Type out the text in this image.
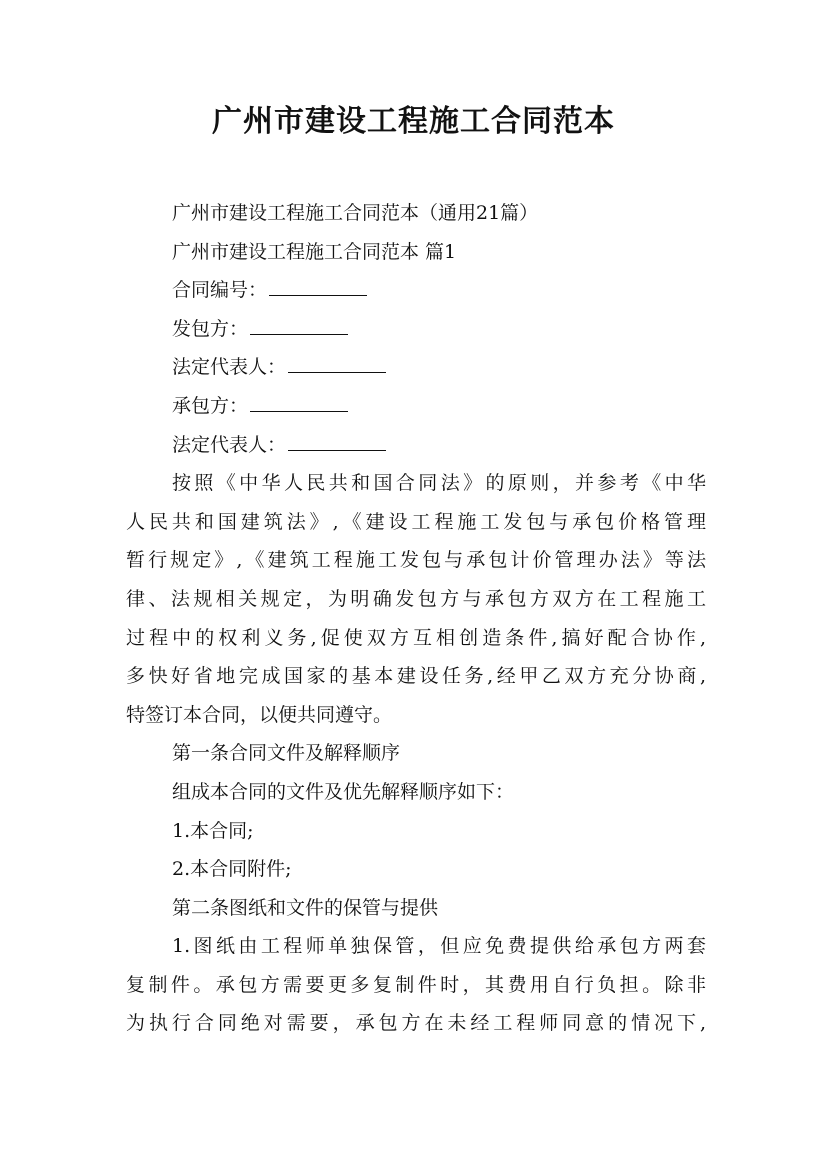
广州市建设工程施工合同范本
广州市建设工程施工合同范本（通用21篇）
广州市建设工程施工合同范本 篇1
合同编号：
发包方：
法定代表人：
承包方：
法定代表人：
按照《中华人民共和国合同法》的原则，并参考《中华
人民共和国建筑法》,《建设工程施工发包与承包价格管理
暂行规定》,《建筑工程施工发包与承包计价管理办法》等法
律、法规相关规定，为明确发包方与承包方双方在工程施工
过程中的权利义务,促使双方互相创造条件,搞好配合协作,
多快好省地完成国家的基本建设任务,经甲乙双方充分协商,
特签订本合同，以便共同遵守。
第一条合同文件及解释顺序
组成本合同的文件及优先解释顺序如下：
1.本合同;
2.本合同附件;
第二条图纸和文件的保管与提供
1.图纸由工程师单独保管，但应免费提供给承包方两套
复制件。承包方需要更多复制件时，其费用自行负担。除非
为执行合同绝对需要，承包方在未经工程师同意的情况下,
